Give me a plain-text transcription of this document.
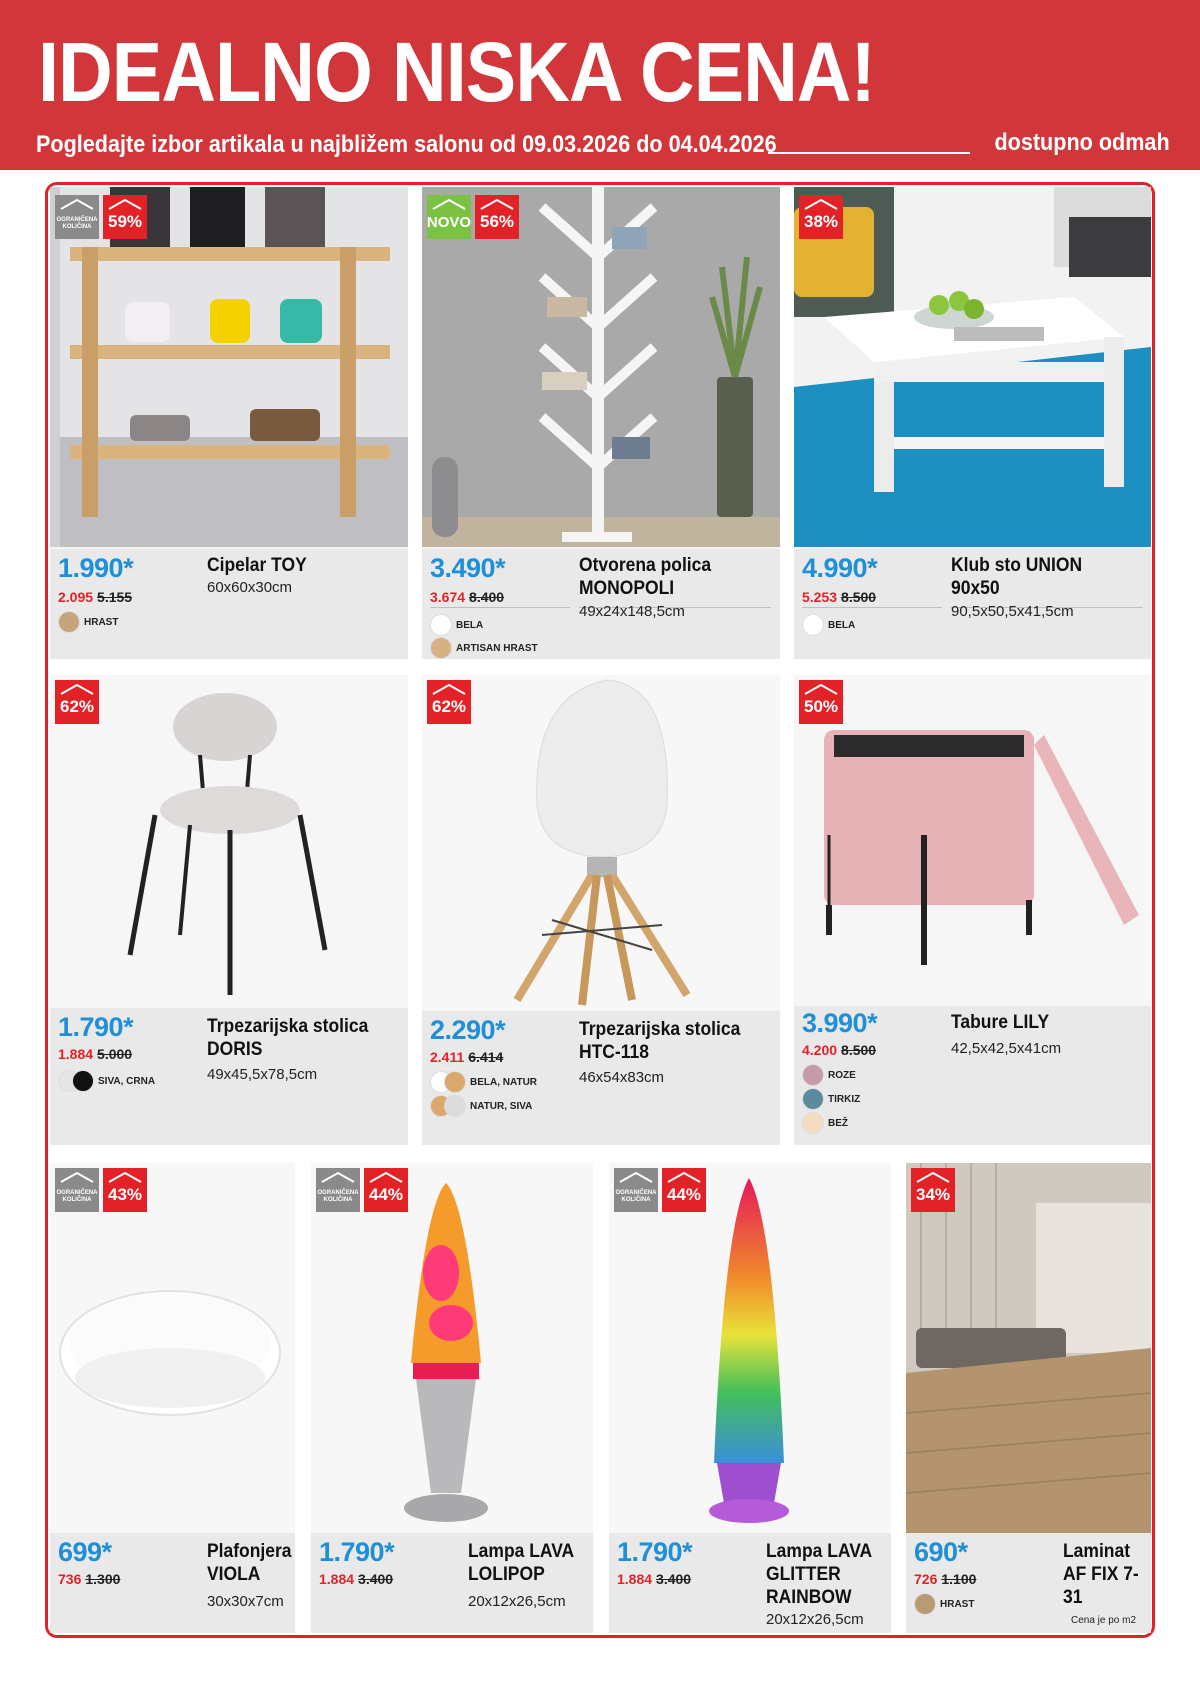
IDEALNO NISKA CENA!
Pogledajte izbor artikala u najbližem salonu od 09.03.2026 do 04.04.2026	dostupno odmah
OGRANIČENA KOLIČINA 59%
1.990*
2.095 5.155
HRAST
Cipelar TOY
60x60x30cm
NOVO 56%
3.490*
3.674 8.400
BELA
ARTISAN HRAST
Otvorena polica
MONOPOLI
49x24x148,5cm
38%
4.990*
5.253 8.500
BELA
Klub sto UNION
90x50
90,5x50,5x41,5cm
62%
1.790*
1.884 5.000
SIVA, CRNA
Trpezarijska stolica
DORIS
49x45,5x78,5cm
62%
2.290*
2.411 6.414
BELA, NATUR
NATUR, SIVA
Trpezarijska stolica
HTC-118
46x54x83cm
50%
3.990*
4.200 8.500
ROZE
TIRKIZ
BEŽ
Tabure LILY
42,5x42,5x41cm
OGRANIČENA KOLIČINA 43%
699*
736 1.300
Plafonjera
VIOLA
30x30x7cm
OGRANIČENA KOLIČINA 44%
1.790*
1.884 3.400
Lampa LAVA
LOLIPOP
20x12x26,5cm
OGRANIČENA KOLIČINA 44%
1.790*
1.884 3.400
Lampa LAVA
GLITTER
RAINBOW
20x12x26,5cm
34%
690*
726 1.100
HRAST
Laminat
AF FIX 7-
31
Cena je po m2
